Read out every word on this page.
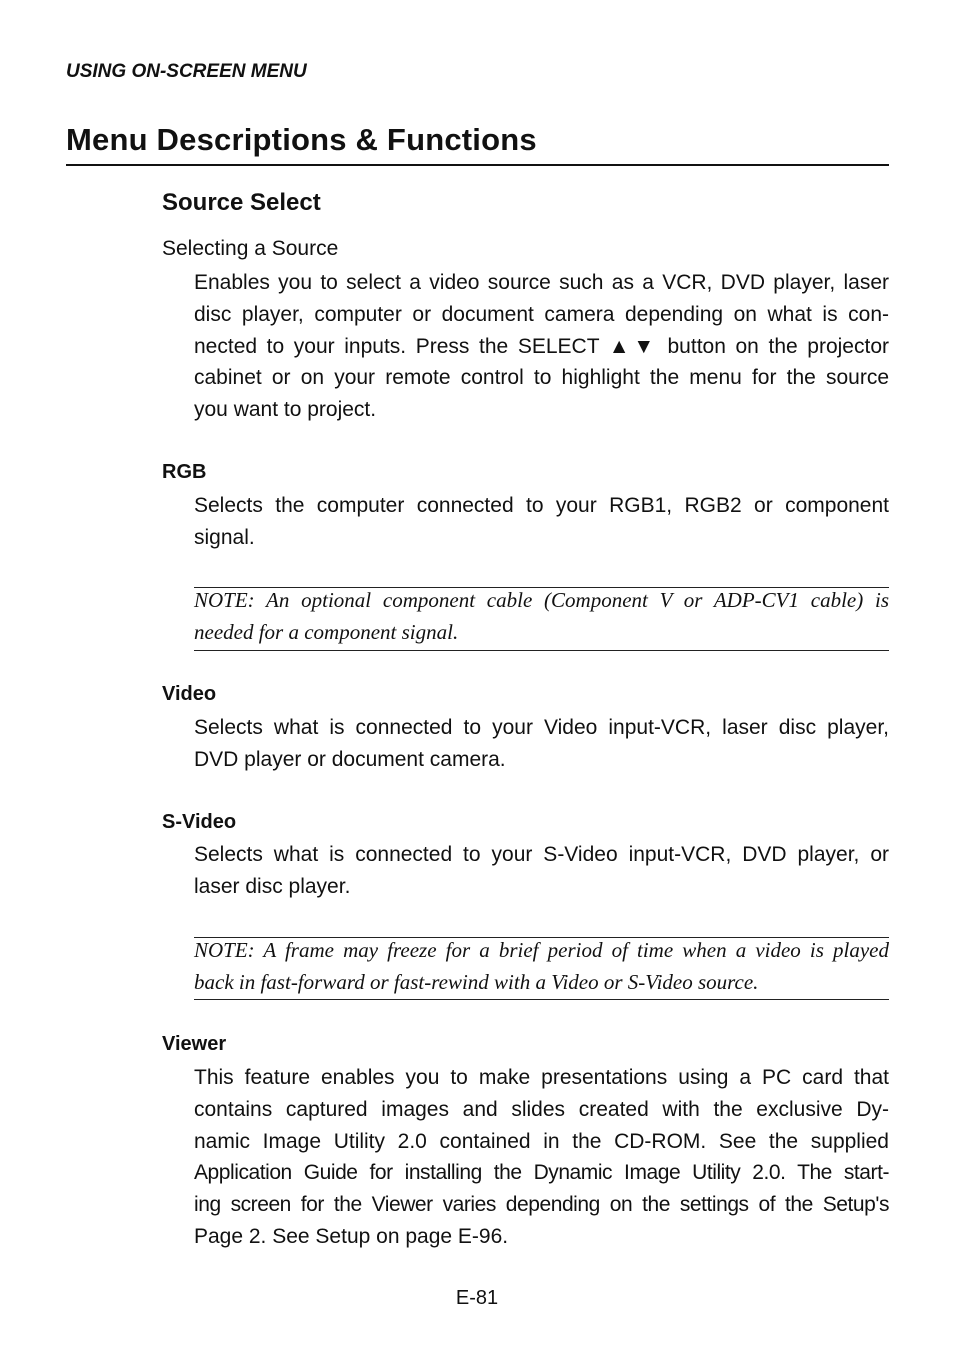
USING ON-SCREEN MENU
Menu Descriptions & Functions
Source Select
Selecting a Source
Enables you to select a video source such as a VCR, DVD player, laser
disc player, computer or document camera depending on what is con-
nected to your inputs. Press the SELECT ▲▼ button on the projector
cabinet or on your remote control to highlight the menu for the source
you want to project.
RGB
Selects the computer connected to your RGB1, RGB2 or component
signal.
NOTE: An optional component cable (Component V or ADP-CV1 cable) is
needed for a component signal.
Video
Selects what is connected to your Video input-VCR, laser disc player,
DVD player or document camera.
S-Video
Selects what is connected to your S-Video input-VCR, DVD player, or
laser disc player.
NOTE: A frame may freeze for a brief period of time when a video is played
back in fast-forward or fast-rewind with a Video or S-Video source.
Viewer
This feature enables you to make presentations using a PC card that
contains captured images and slides created with the exclusive Dy-
namic Image Utility 2.0 contained in the CD-ROM. See the supplied
Application Guide for installing the Dynamic Image Utility 2.0. The start-
ing screen for the Viewer varies depending on the settings of the Setup's
Page 2. See Setup on page E-96.
E-81
